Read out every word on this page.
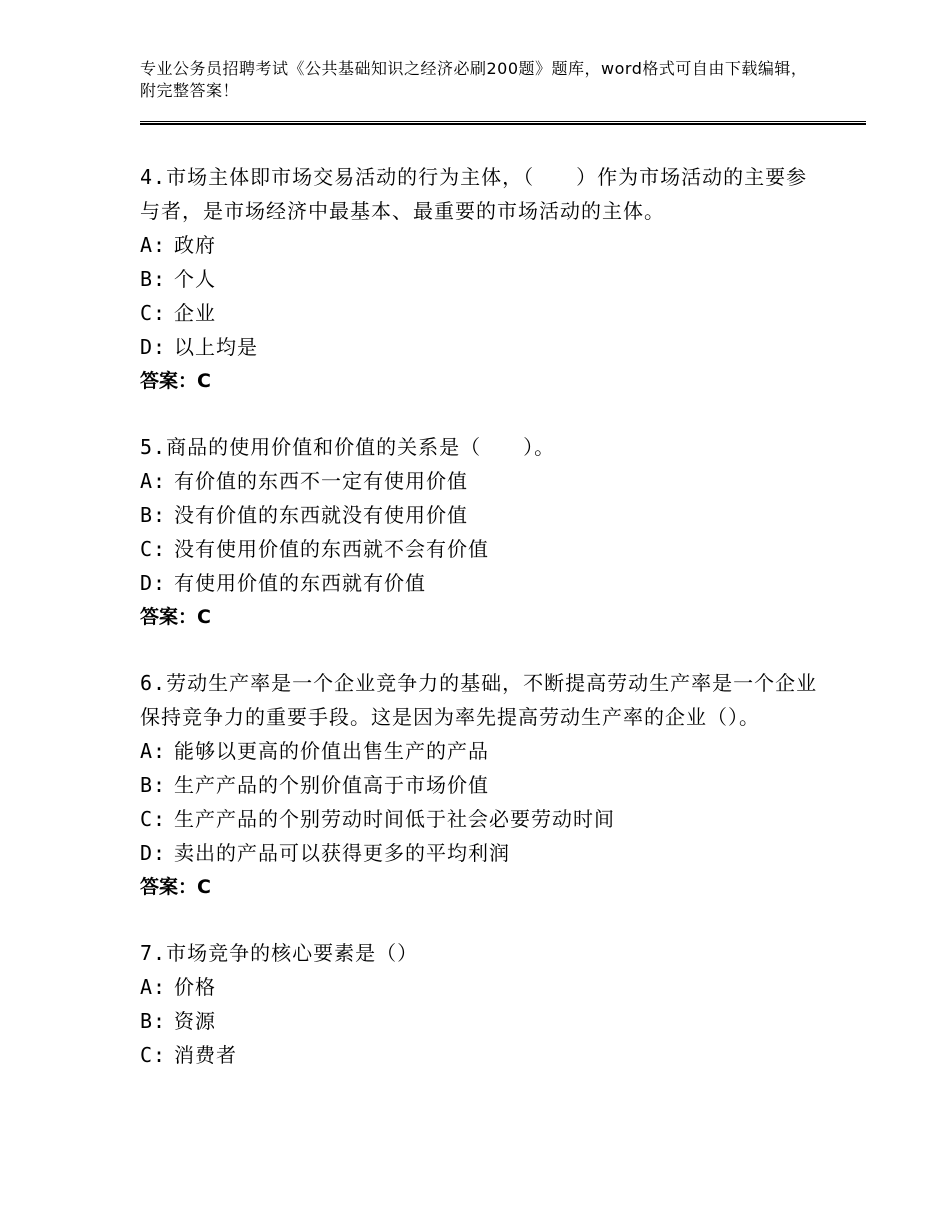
专业公务员招聘考试《公共基础知识之经济必刷200题》题库，word格式可自由下载编辑，附完整答案！

4.市场主体即市场交易活动的行为主体，（　　）作为市场活动的主要参与者，是市场经济中最基本、最重要的市场活动的主体。

A: 政府
B: 个人
C: 企业
D: 以上均是
答案：C

5.商品的使用价值和价值的关系是（　　）。

A: 有价值的东西不一定有使用价值
B: 没有价值的东西就没有使用价值
C: 没有使用价值的东西就不会有价值
D: 有使用价值的东西就有价值
答案：C

6.劳动生产率是一个企业竞争力的基础，不断提高劳动生产率是一个企业保持竞争力的重要手段。这是因为率先提高劳动生产率的企业（）。

A: 能够以更高的价值出售生产的产品
B: 生产产品的个别价值高于市场价值
C: 生产产品的个别劳动时间低于社会必要劳动时间
D: 卖出的产品可以获得更多的平均利润
答案：C

7.市场竞争的核心要素是（）

A: 价格
B: 资源
C: 消费者
